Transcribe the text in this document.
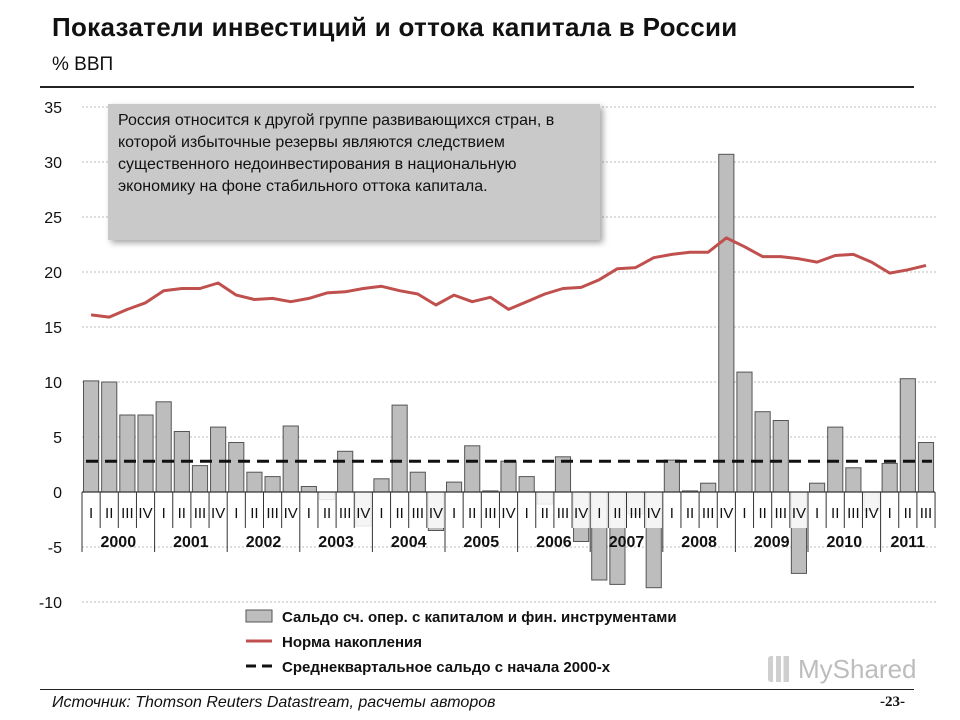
Показатели инвестиций и оттока капитала в России
% ВВП
35
30
25
20
15
10
5
0
-5
-10
I II III IV I II III IV I II III IV I II III IV I II III IV I II III IV I II III IV I II III IV I II III IV I II III IV I II III IV I II III
2000 2001 2002 2003 2004 2005 2006 2007 2008 2009 2010 2011
Сальдо сч. опер. с капиталом и фин. инструментами
Норма накопления
Среднеквартальное сальдо с начала 2000-х
Россия относится к другой группе развивающихся стран, в которой избыточные резервы являются следствием существенного недоинвестирования в национальную экономику на фоне стабильного оттока капитала.
MyShared
Источник: Thomson Reuters Datastream, расчеты авторов	-23-
